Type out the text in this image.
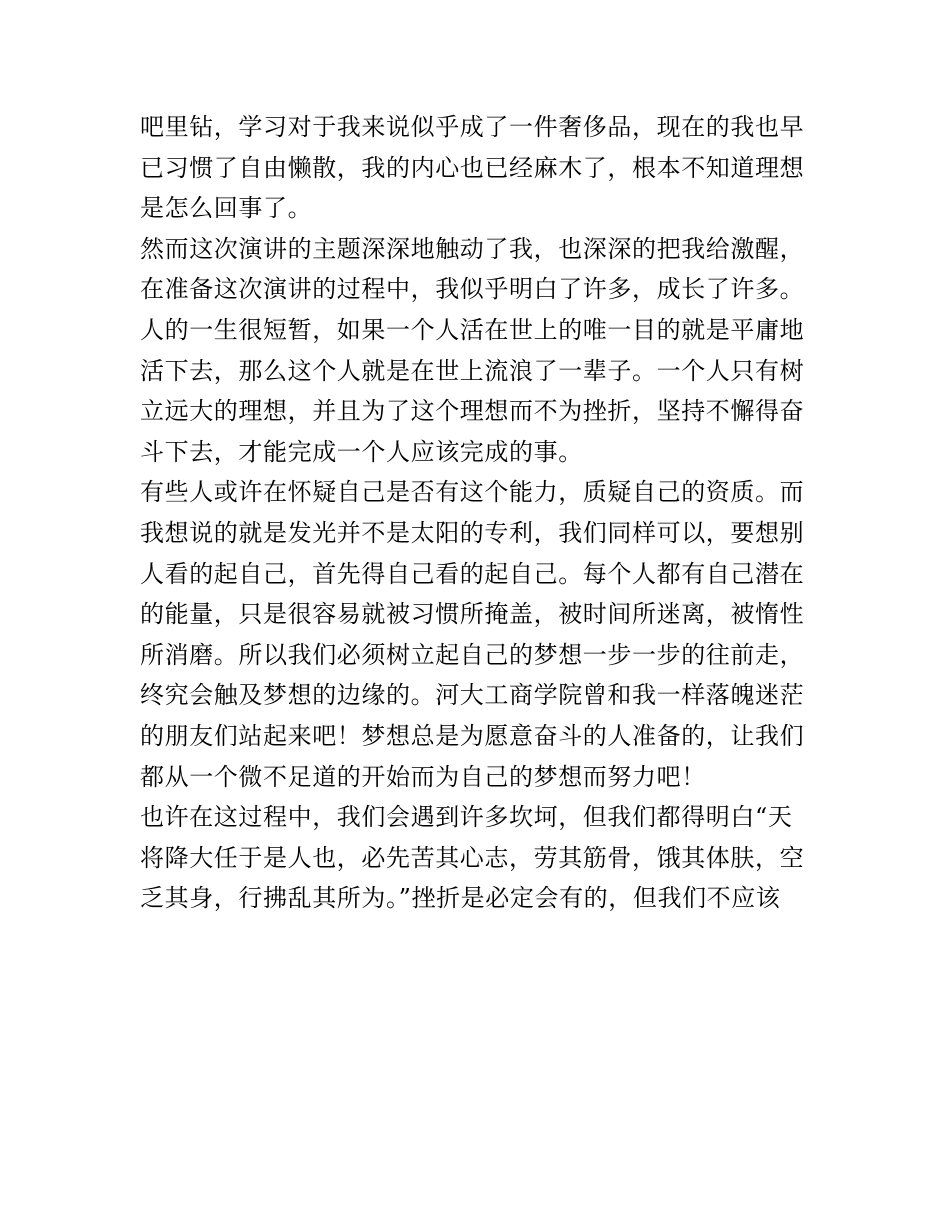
吧里钻，学习对于我来说似乎成了一件奢侈品，现在的我也早
已习惯了自由懒散，我的内心也已经麻木了，根本不知道理想
是怎么回事了。
然而这次演讲的主题深深地触动了我，也深深的把我给激醒，
在准备这次演讲的过程中，我似乎明白了许多，成长了许多。
人的一生很短暂，如果一个人活在世上的唯一目的就是平庸地
活下去，那么这个人就是在世上流浪了一辈子。一个人只有树
立远大的理想，并且为了这个理想而不为挫折，坚持不懈得奋
斗下去，才能完成一个人应该完成的事。
有些人或许在怀疑自己是否有这个能力，质疑自己的资质。而
我想说的就是发光并不是太阳的专利，我们同样可以，要想别
人看的起自己，首先得自己看的起自己。每个人都有自己潜在
的能量，只是很容易就被习惯所掩盖，被时间所迷离，被惰性
所消磨。所以我们必须树立起自己的梦想一步一步的往前走，
终究会触及梦想的边缘的。河大工商学院曾和我一样落魄迷茫
的朋友们站起来吧！梦想总是为愿意奋斗的人准备的，让我们
都从一个微不足道的开始而为自己的梦想而努力吧！
也许在这过程中，我们会遇到许多坎坷，但我们都得明白“天
将降大任于是人也，必先苦其心志，劳其筋骨，饿其体肤，空
乏其身，行拂乱其所为。”挫折是必定会有的，但我们不应该
